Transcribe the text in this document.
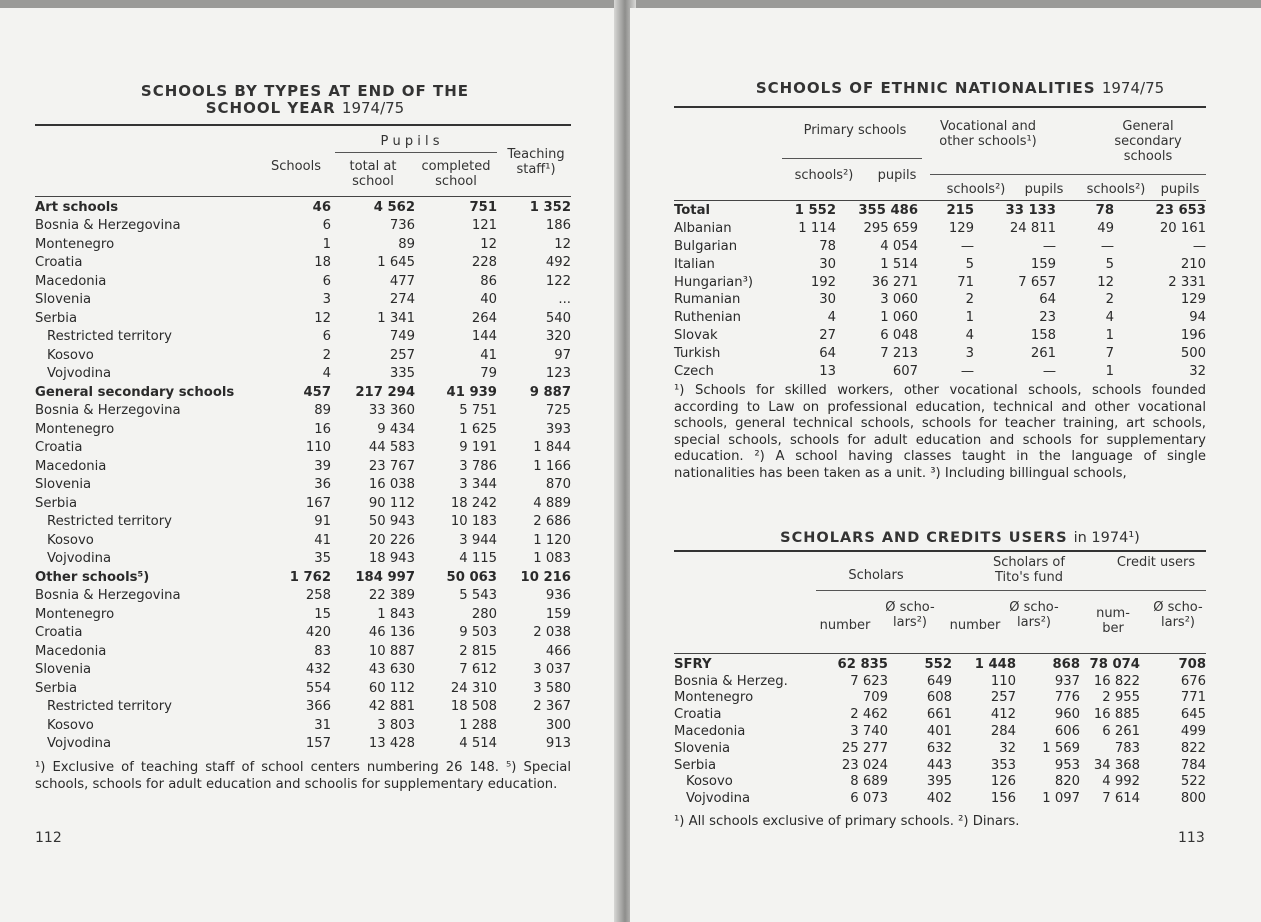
SCHOOLS BY TYPES AT END OF THE
SCHOOL YEAR 1974/75
P u p i l s
Schools	total at school
completed school
Teaching staff¹)
Art schools	46	4 562	751	1 352
Bosnia & Herzegovina	6	736	121	186
Montenegro	1	89	12	12
Croatia	18	1 645	228	492
Macedonia	6	477	86	122
Slovenia	3	274	40	...
Serbia	12	1 341	264	540
Restricted territory	6	749	144	320
Kosovo	2	257	41	97
Vojvodina	4	335	79	123
General secondary schools	457	217 294	41 939	9 887
Bosnia & Herzegovina	89	33 360	5 751	725
Montenegro	16	9 434	1 625	393
Croatia	110	44 583	9 191	1 844
Macedonia	39	23 767	3 786	1 166
Slovenia	36	16 038	3 344	870
Serbia	167	90 112	18 242	4 889
Restricted territory	91	50 943	10 183	2 686
Kosovo	41	20 226	3 944	1 120
Vojvodina	35	18 943	4 115	1 083
Other schools⁵)	1 762	184 997	50 063	10 216
Bosnia & Herzegovina	258	22 389	5 543	936
Montenegro	15	1 843	280	159
Croatia	420	46 136	9 503	2 038
Macedonia	83	10 887	2 815	466
Slovenia	432	43 630	7 612	3 037
Serbia	554	60 112	24 310	3 580
Restricted territory	366	42 881	18 508	2 367
Kosovo	31	3 803	1 288	300
Vojvodina	157	13 428	4 514	913
¹) Exclusive of teaching staff of school centers numbering 26 148. ⁵) Special schools, schools for adult education and schoolis for supplementary education.
112
SCHOOLS OF ETHNIC NATIONALITIES 1974/75
Primary schools	Vocational and other schools¹)
General secondary schools
schools²)	pupils
schools²)	pupils	schools²)	pupils
Total	1 552	355 486	215	33 133	78	23 653
Albanian	1 114	295 659	129	24 811	49	20 161
Bulgarian	78	4 054	—	—	—	—
Italian	30	1 514	5	159	5	210
Hungarian³)	192	36 271	71	7 657	12	2 331
Rumanian	30	3 060	2	64	2	129
Ruthenian	4	1 060	1	23	4	94
Slovak	27	6 048	4	158	1	196
Turkish	64	7 213	3	261	7	500
Czech	13	607	—	—	1	32
¹) Schools for skilled workers, other vocational schools, schools founded according to Law on professional education, technical and other vocational schools, general technical schools, schools for teacher training, art schools, special schools, schools for adult education and schools for supplementary education. ²) A school having classes taught in the language of single nationalities has been taken as a unit. ³) Including billingual schools,
SCHOLARS AND CREDITS USERS in 1974¹)
Scholars
Scholars of Tito's fund
Credit users
number
Ø scho-lars²)	number
Ø scho-lars²)
num-ber
Ø scho-lars²)
SFRY	62 835	552	1 448	868	78 074	708
Bosnia & Herzeg.	7 623	649	110	937	16 822	676
Montenegro	709	608	257	776	2 955	771
Croatia	2 462	661	412	960	16 885	645
Macedonia	3 740	401	284	606	6 261	499
Slovenia	25 277	632	32	1 569	783	822
Serbia	23 024	443	353	953	34 368	784
Kosovo	8 689	395	126	820	4 992	522
Vojvodina	6 073	402	156	1 097	7 614	800
¹) All schools exclusive of primary schools. ²) Dinars.
113
